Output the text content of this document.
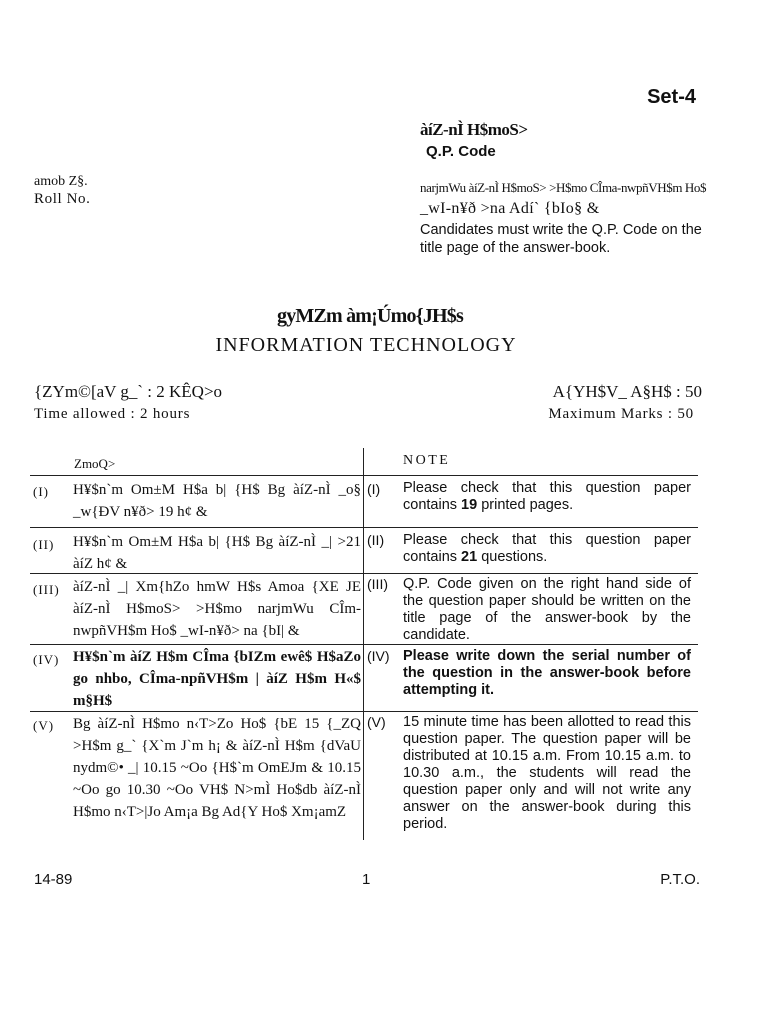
Set-4
àíZ-nÌ H$moS>
Q.P. Code
amob Z§.
Roll No.
narjmWu àíZ-nÌ H$moS> >H$mo CÎma-nwpñVH$m Ho$
_wI-n¥ð >na Adí` {bIo§ &
Candidates must write the Q.P. Code on the title page of the answer-book.
gyMZm àm¡Úmo{JH$s
INFORMATION TECHNOLOGY
{ZYm©[aV g_` : 2 KÊQ>o	A{YH$V_ A§H$ : 50
Time allowed : 2 hours	Maximum Marks : 50
ZmoQ>	NOTE
(I) H¥$n`m Om±M H$a b| {H$ Bg àíZ-nÌ _o§ _w{ÐV n¥ð> 19 h¢ &
(I) Please check that this question paper contains 19 printed pages.
(II) H¥$n`m Om±M H$a b| {H$ Bg àíZ-nÌ _| >21 àíZ h¢ &
(II) Please check that this question paper contains 21 questions.
(III) àíZ-nÌ _| Xm{hZo hmW H$s Amoa {XE JE àíZ-nÌ H$moS> >H$mo narjmWu CÎm-nwpñVH$m Ho$ _wI-n¥ð> na {bI| &
(III) Q.P. Code given on the right hand side of the question paper should be written on the title page of the answer-book by the candidate.
(IV) H¥$n`m àíZ H$m CÎma {bIZm ewê$ H$aZo go nhbo, CÎma-npñVH$m | àíZ H$m H«$ m§H$
(IV) Please write down the serial number of the question in the answer-book before attempting it.
(V) Bg àíZ-nÌ H$mo n‹T>Zo Ho$ {bE 15 {_ZQ >H$m g_` {X`m J`m h¡ & àíZ-nÌ H$m {dVaU nydm©• _| 10.15 ~Oo {H$`m OmEJm & 10.15 ~Oo go 10.30 ~Oo VH$ N>mÌ Ho$db àíZ-nÌ H$mo n‹T>|Jo Am¡a Bg Ad{Y Ho$ Xm¡amZ
(V) 15 minute time has been allotted to read this question paper. The question paper will be distributed at 10.15 a.m. From 10.15 a.m. to 10.30 a.m., the students will read the question paper only and will not write any answer on the answer-book during this period.
14-89	1	P.T.O.
